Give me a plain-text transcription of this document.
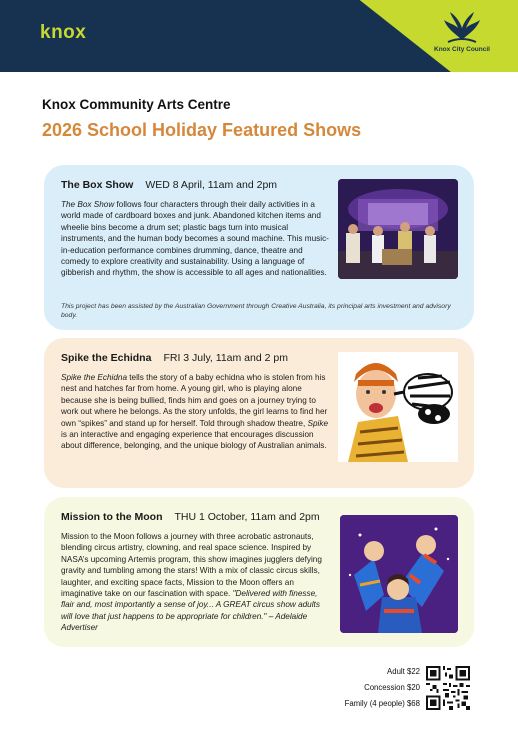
knox
Knox City Council
Knox Community Arts Centre
2026 School Holiday Featured Shows
The Box Show WED 8 April, 11am and 2pm
The Box Show follows four characters through their daily activities in a world made of cardboard boxes and junk. Abandoned kitchen items and wheelie bins become a drum set; plastic bags turn into musical instruments, and the human body becomes a sound machine. This music-in-education performance combines drumming, dance, theatre and comedy to explore creativity and sustainability. Using a language of gibberish and rhythm, the show is accessible to all ages and nationalities.
This project has been assisted by the Australian Government through Creative Australia, its principal arts investment and advisory body.
Spike the Echidna FRI 3 July, 11am and 2 pm
Spike the Echidna tells the story of a baby echidna who is stolen from his nest and hatches far from home. A young girl, who is playing alone because she is being bullied, finds him and goes on a journey trying to work out where he belongs. As the story unfolds, the girl learns to find her own “spikes” and stand up for herself. Told through shadow theatre, Spike is an interactive and engaging experience that encourages discussion about difference, belonging, and the unique biology of Australian animals.
Mission to the Moon THU 1 October, 11am and 2pm
Mission to the Moon follows a journey with three acrobatic astronauts, blending circus artistry, clowning, and real space science. Inspired by NASA’s upcoming Artemis program, this show imagines jugglers defying gravity and tumbling among the stars! With a mix of classic circus skills, laughter, and exciting space facts, Mission to the Moon offers an imaginative take on our fascination with space. "Delivered with finesse, flair and, most importantly a sense of joy... A GREAT circus show adults will love that just happens to be appropriate for children." – Adelaide Advertiser
Adult $22
Concession $20
Family (4 people) $68
